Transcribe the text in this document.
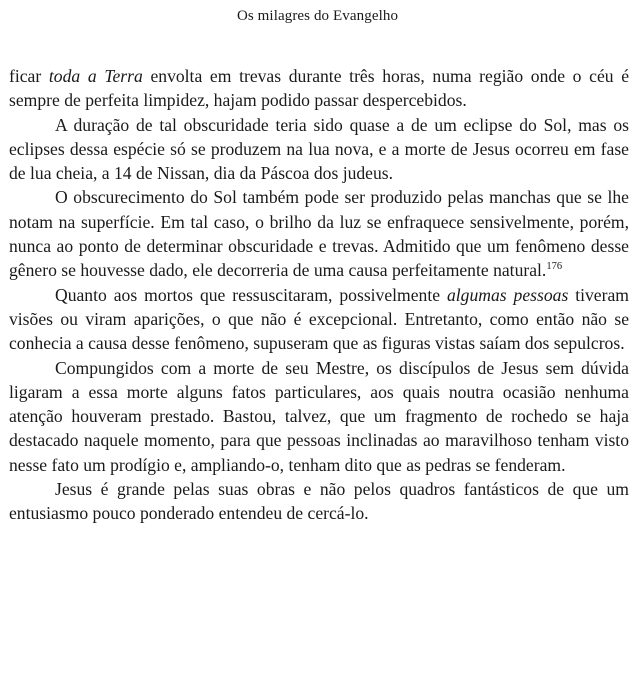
Os milagres do Evangelho

ficar toda a Terra envolta em trevas durante três horas, numa região onde o céu é sempre de perfeita limpidez, hajam podido passar despercebidos.

A duração de tal obscuridade teria sido quase a de um eclipse do Sol, mas os eclipses dessa espécie só se produzem na lua nova, e a morte de Jesus ocorreu em fase de lua cheia, a 14 de Nissan, dia da Páscoa dos judeus.

O obscurecimento do Sol também pode ser produzido pelas manchas que se lhe notam na superfície. Em tal caso, o brilho da luz se enfraquece sensivelmente, porém, nunca ao ponto de determinar obscuridade e trevas. Admitido que um fenômeno desse gênero se houvesse dado, ele decorreria de uma causa perfeitamente natural.$^{176}$

Quanto aos mortos que ressuscitaram, possivelmente algumas pessoas tiveram visões ou viram aparições, o que não é excepcional. Entretanto, como então não se conhecia a causa desse fenômeno, supuseram que as figuras vistas saíam dos sepulcros.

Compungidos com a morte de seu Mestre, os discípulos de Jesus sem dúvida ligaram a essa morte alguns fatos particulares, aos quais noutra ocasião nenhuma atenção houveram prestado. Bastou, talvez, que um fragmento de rochedo se haja destacado naquele momento, para que pessoas inclinadas ao maravilhoso tenham visto nesse fato um prodígio e, ampliando-o, tenham dito que as pedras se fenderam.

Jesus é grande pelas suas obras e não pelos quadros fantásticos de que um entusiasmo pouco ponderado entendeu de cercá-lo.
